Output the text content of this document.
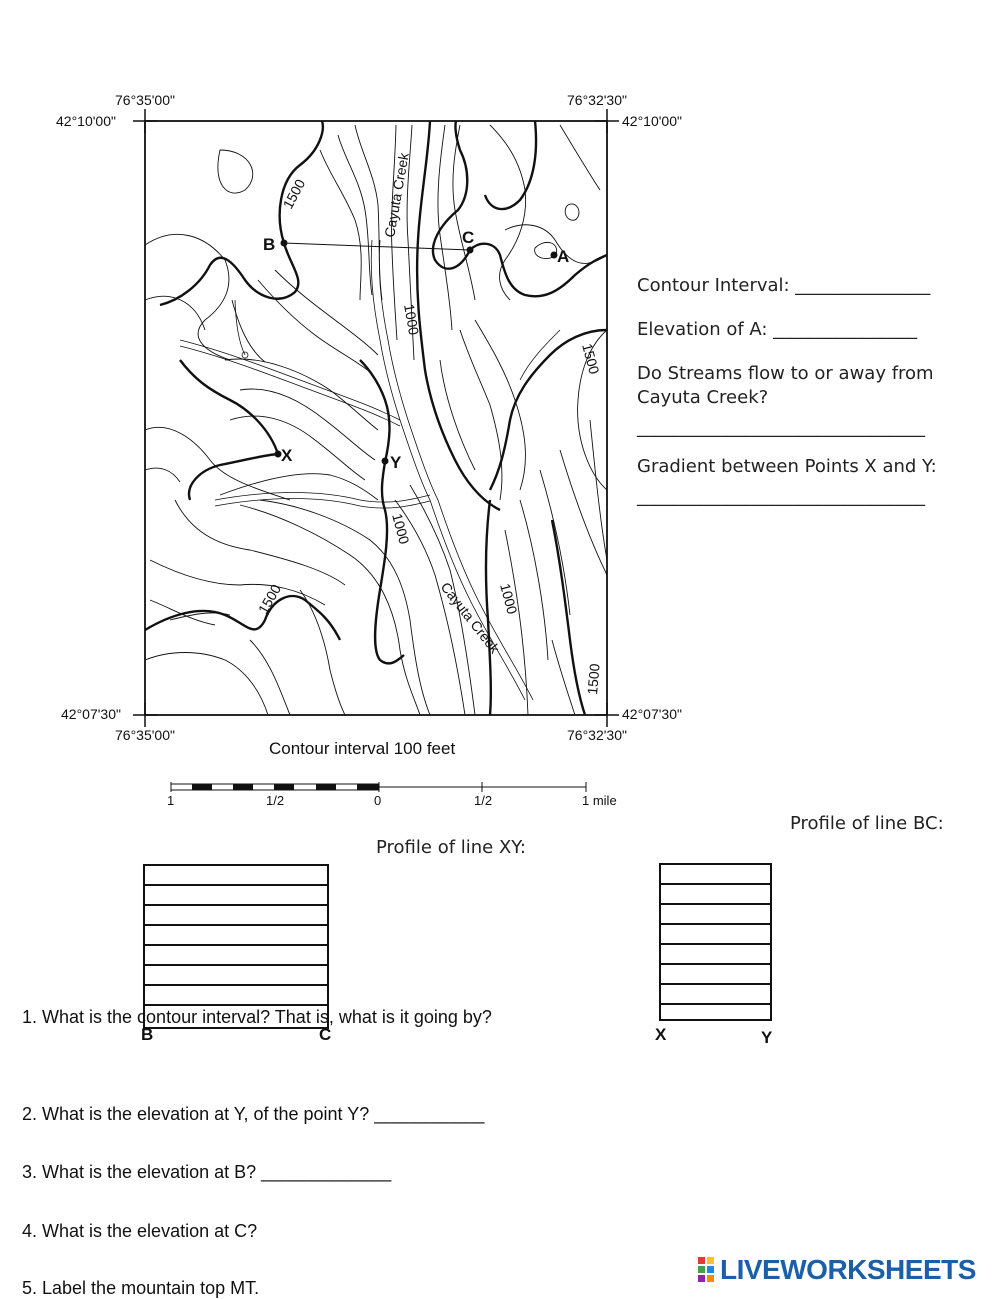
76°35'00"	76°32'30"
42°10'00"	42°10'00"
42°07'30"	42°07'30"
76°35'00"	76°32'30"
B	C
A
X	Y
1500
1000
1500
1000
1000
1500
1500
Cayuta Creek
Cayuta Creek
Contour interval 100 feet
1	1/2	0	1/2	1 mile
Contour Interval: _______________
Elevation of A: ________________
Do Streams flow to or away from Cayuta Creek?
________________________________
Gradient between Points X and Y:
________________________________
Profile of line BC:
Profile of line XY:
B	C	X	Y
1. What is the contour interval? That is, what is it going by?
2. What is the elevation at Y, of the point Y? ___________
3. What is the elevation at B? _____________
4. What is the elevation at C?
5. Label the mountain top MT.
LIVEWORKSHEETS
